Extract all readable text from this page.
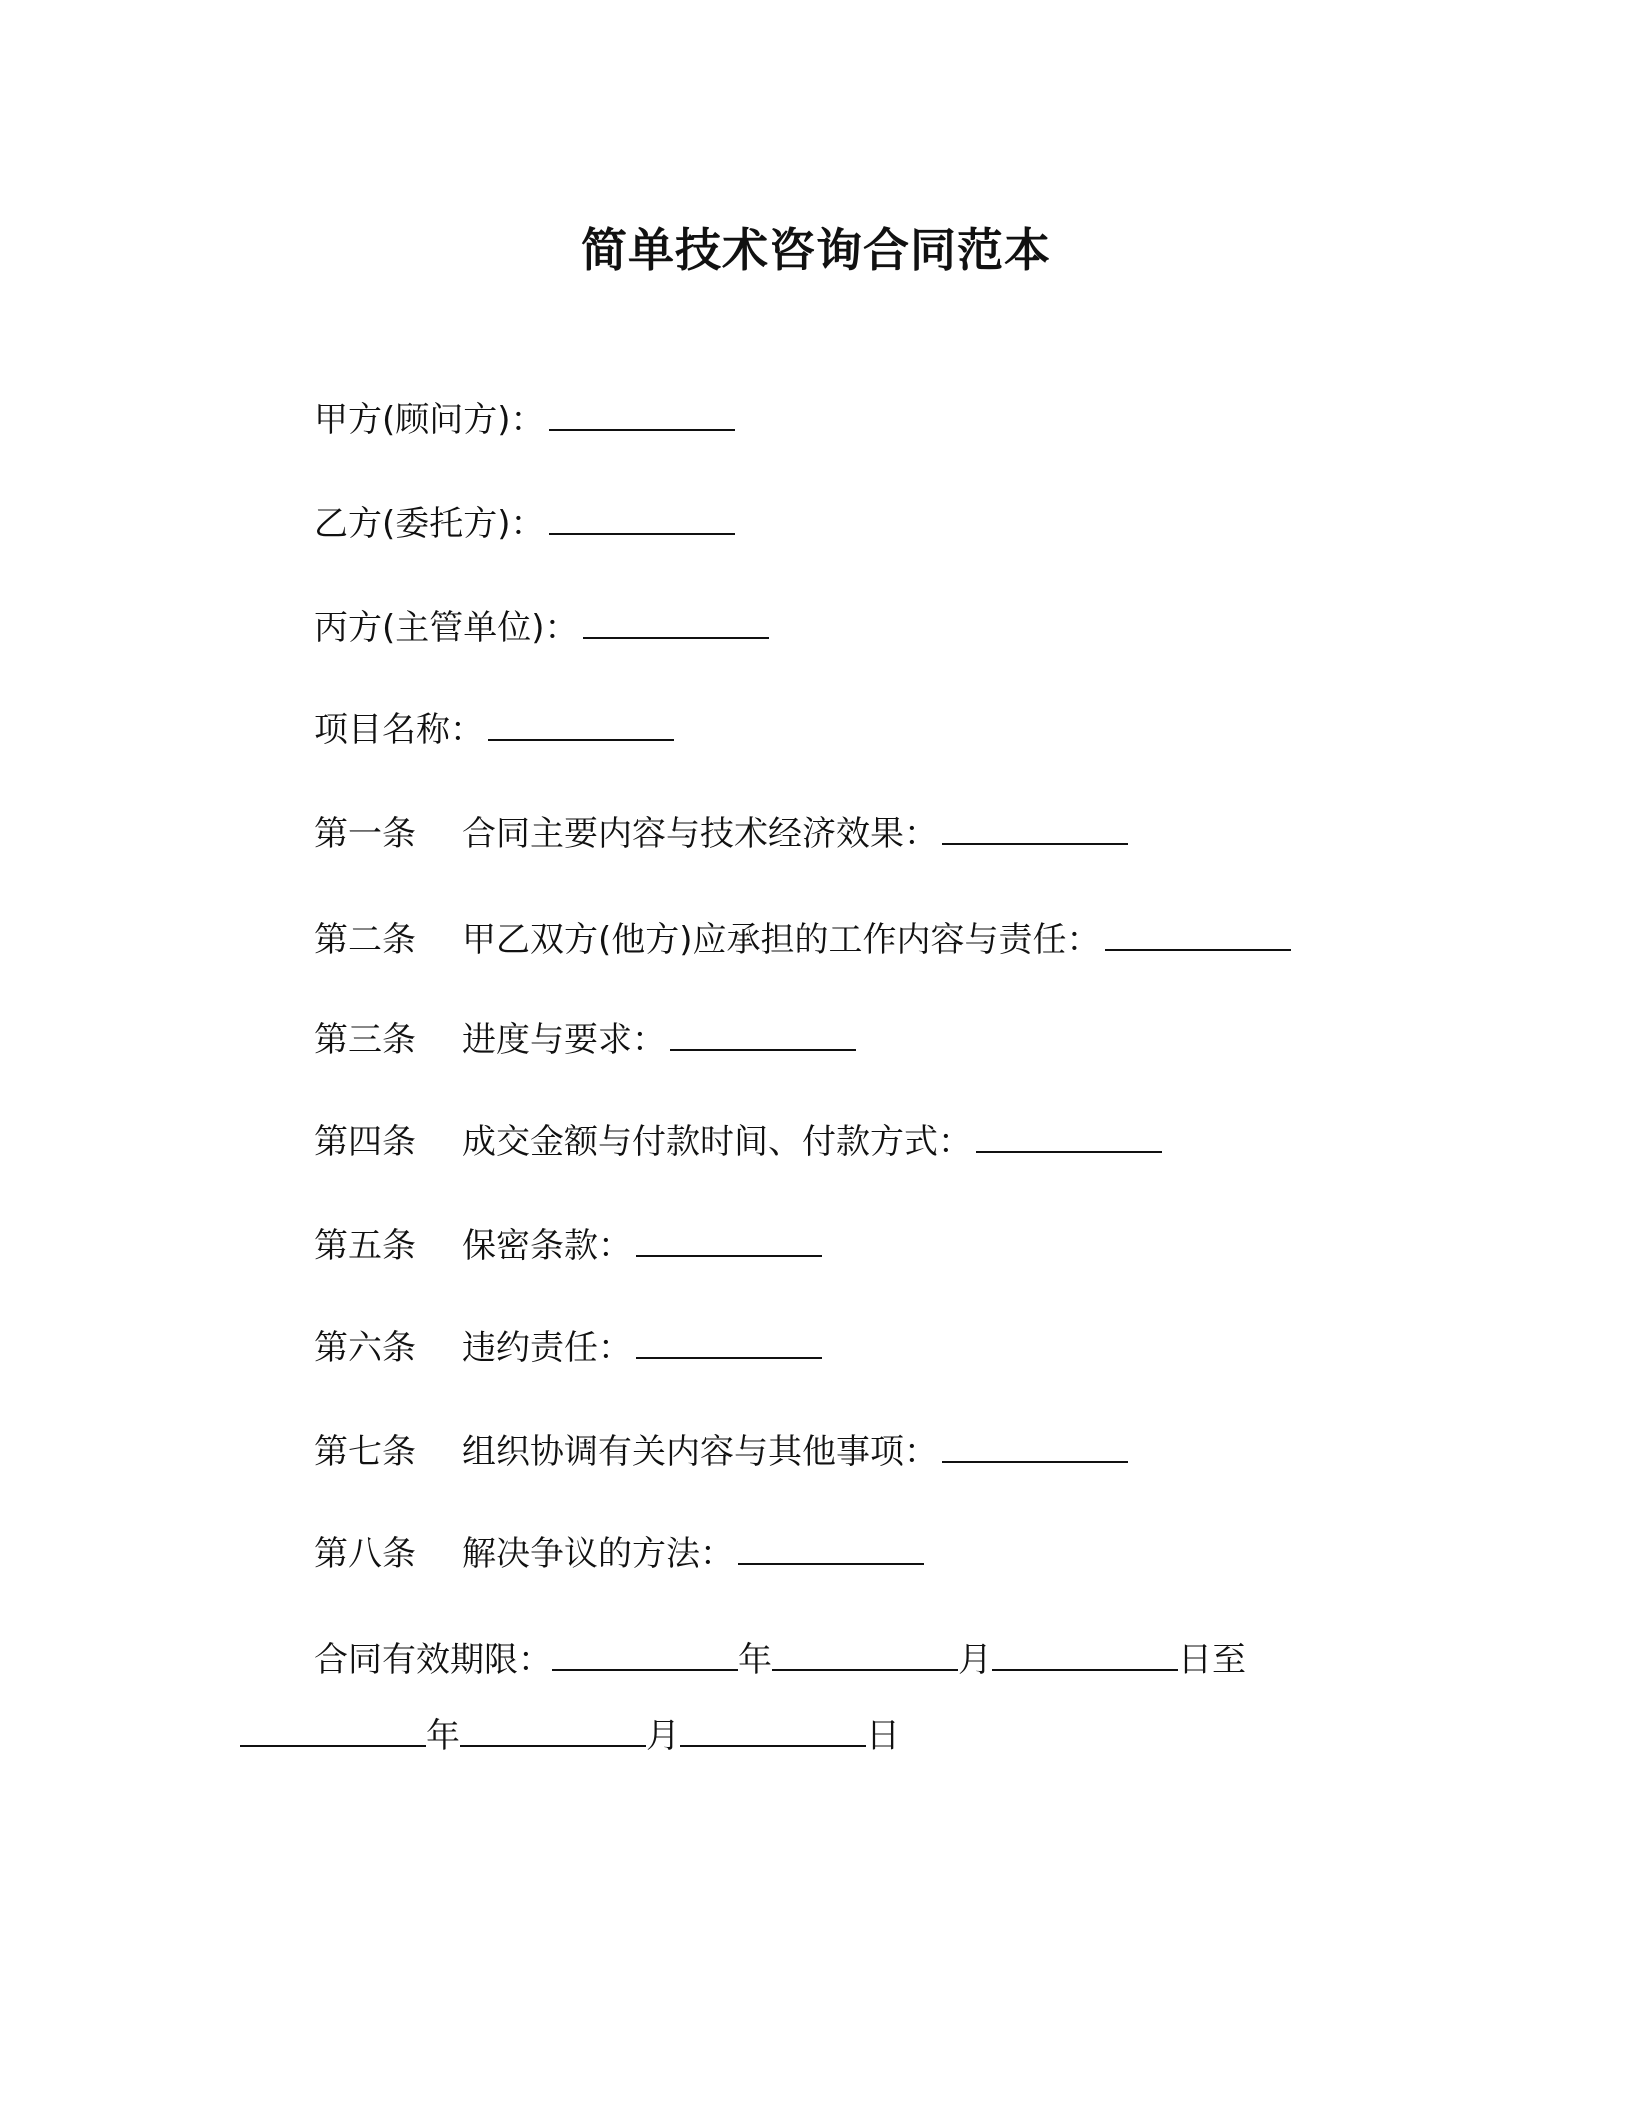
简单技术咨询合同范本
甲方(顾问方)：
乙方(委托方)：
丙方(主管单位)：
项目名称：
第一条 合同主要内容与技术经济效果：
第二条 甲乙双方(他方)应承担的工作内容与责任：
第三条 进度与要求：
第四条 成交金额与付款时间、付款方式：
第五条 保密条款：
第六条 违约责任：
第七条 组织协调有关内容与其他事项：
第八条 解决争议的方法：
合同有效期限：	年	月	日至
年	月	日
